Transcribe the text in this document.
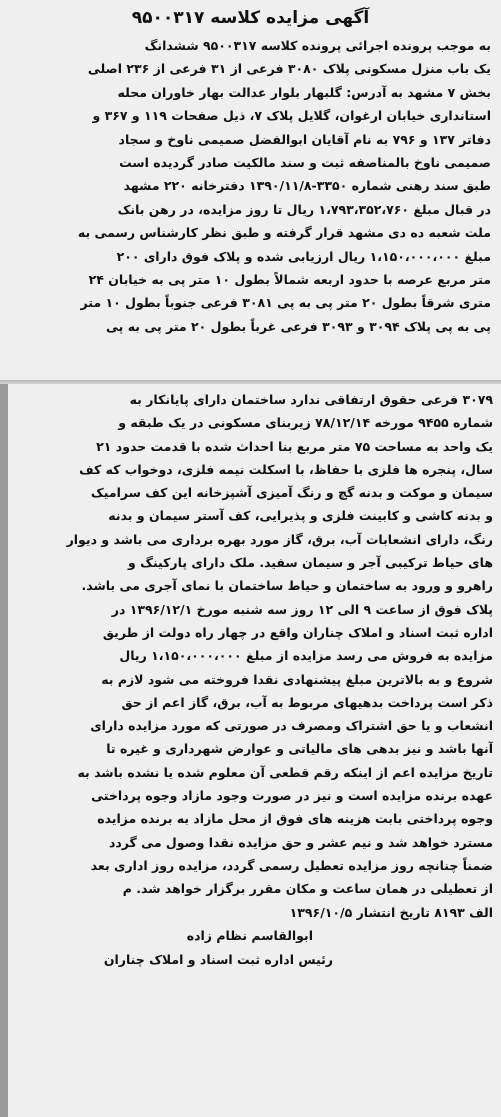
آگهی مزایده کلاسه ۹۵۰۰۳۱۷
به موجب پرونده اجرائی پرونده کلاسه ۹۵۰۰۳۱۷ ششدانگ
یک باب منزل مسکونی پلاک ۳۰۸۰ فرعی از ۳۱ فرعی از ۲۳۶ اصلی
بخش ۷ مشهد به آدرس: گلبهار بلوار عدالت بهار خاوران محله
استانداری خیابان ارغوان، گلایل پلاک ۷، ذیل صفحات ۱۱۹ و ۳۶۷ و
دفاتر ۱۳۷ و ۷۹۶ به نام آقایان ابوالفضل صمیمی ناوخ و سجاد
صمیمی ناوخ بالمناصفه ثبت و سند مالکیت صادر گردیده است
طبق سند رهنی شماره ۳۳۵۰-۱۳۹۰/۱۱/۸ دفترخانه ۲۲۰ مشهد
در قبال مبلغ ۱،۷۹۳،۳۵۲،۷۶۰ ریال تا روز مزایده، در رهن بانک
ملت شعبه ده دی مشهد قرار گرفته و طبق نظر کارشناس رسمی به
مبلغ ۱،۱۵۰،۰۰۰،۰۰۰ ریال ارزیابی شده و پلاک فوق دارای ۲۰۰
متر مربع عرصه با حدود اربعه شمالاً بطول ۱۰ متر پی به خیابان ۲۴
متری شرقاً بطول ۲۰ متر پی به پی ۳۰۸۱ فرعی جنوباً بطول ۱۰ متر
پی به پی پلاک ۳۰۹۴ و ۳۰۹۳ فرعی غرباً بطول ۲۰ متر پی به پی
۳۰۷۹ فرعی حقوق ارتفاقی ندارد ساختمان دارای پایانکار به
شماره ۹۴۵۵ مورخه ۷۸/۱۲/۱۴ زیربنای مسکونی در یک طبقه و
یک واحد به مساحت ۷۵ متر مربع بنا احداث شده با قدمت حدود ۲۱
سال، پنجره ها فلزی با حفاظ، با اسکلت نیمه فلزی، دوخواب که کف
سیمان و موکت و بدنه گچ و رنگ آمیزی آشپزخانه این کف سرامیک
و بدنه کاشی و کابینت فلزی و پذیرایی، کف آستر سیمان و بدنه
رنگ، دارای انشعابات آب، برق، گاز مورد بهره برداری می باشد و دیوار
های حیاط ترکیبی آجر و سیمان سفید. ملک دارای پارکینگ و
راهرو و ورود به ساختمان و حیاط ساختمان با نمای آجری می باشد.
پلاک فوق از ساعت ۹ الی ۱۲ روز سه شنبه مورخ ۱۳۹۶/۱۲/۱ در
اداره ثبت اسناد و املاک چناران واقع در چهار راه دولت از طریق
مزایده به فروش می رسد مزایده از مبلغ ۱،۱۵۰،۰۰۰،۰۰۰ ریال
شروع و به بالاترین مبلغ پیشنهادی نقدا فروخته می شود لازم به
ذکر است پرداخت بدهیهای مربوط به آب، برق، گاز اعم از حق
انشعاب و یا حق اشتراک ومصرف در صورتی که مورد مزایده دارای
آنها باشد و نیز بدهی های مالیاتی و عوارض شهرداری و غیره تا
تاریخ مزایده اعم از اینکه رقم قطعی آن معلوم شده یا نشده باشد به
عهده برنده مزایده است و نیز در صورت وجود مازاد وجوه پرداختی
وجوه پرداختی بابت هزینه های فوق از محل مازاد به برنده مزایده
مسترد خواهد شد و نیم عشر و حق مزایده نقدا وصول می گردد
ضمناً چنانچه روز مزایده تعطیل رسمی گردد، مزایده روز اداری بعد
از تعطیلی در همان ساعت و مکان مقرر برگزار خواهد شد. م
الف ۸۱۹۳ تاریخ انتشار ۱۳۹۶/۱۰/۵
ابوالقاسم نظام زاده
رئیس اداره ثبت اسناد و املاک چناران
